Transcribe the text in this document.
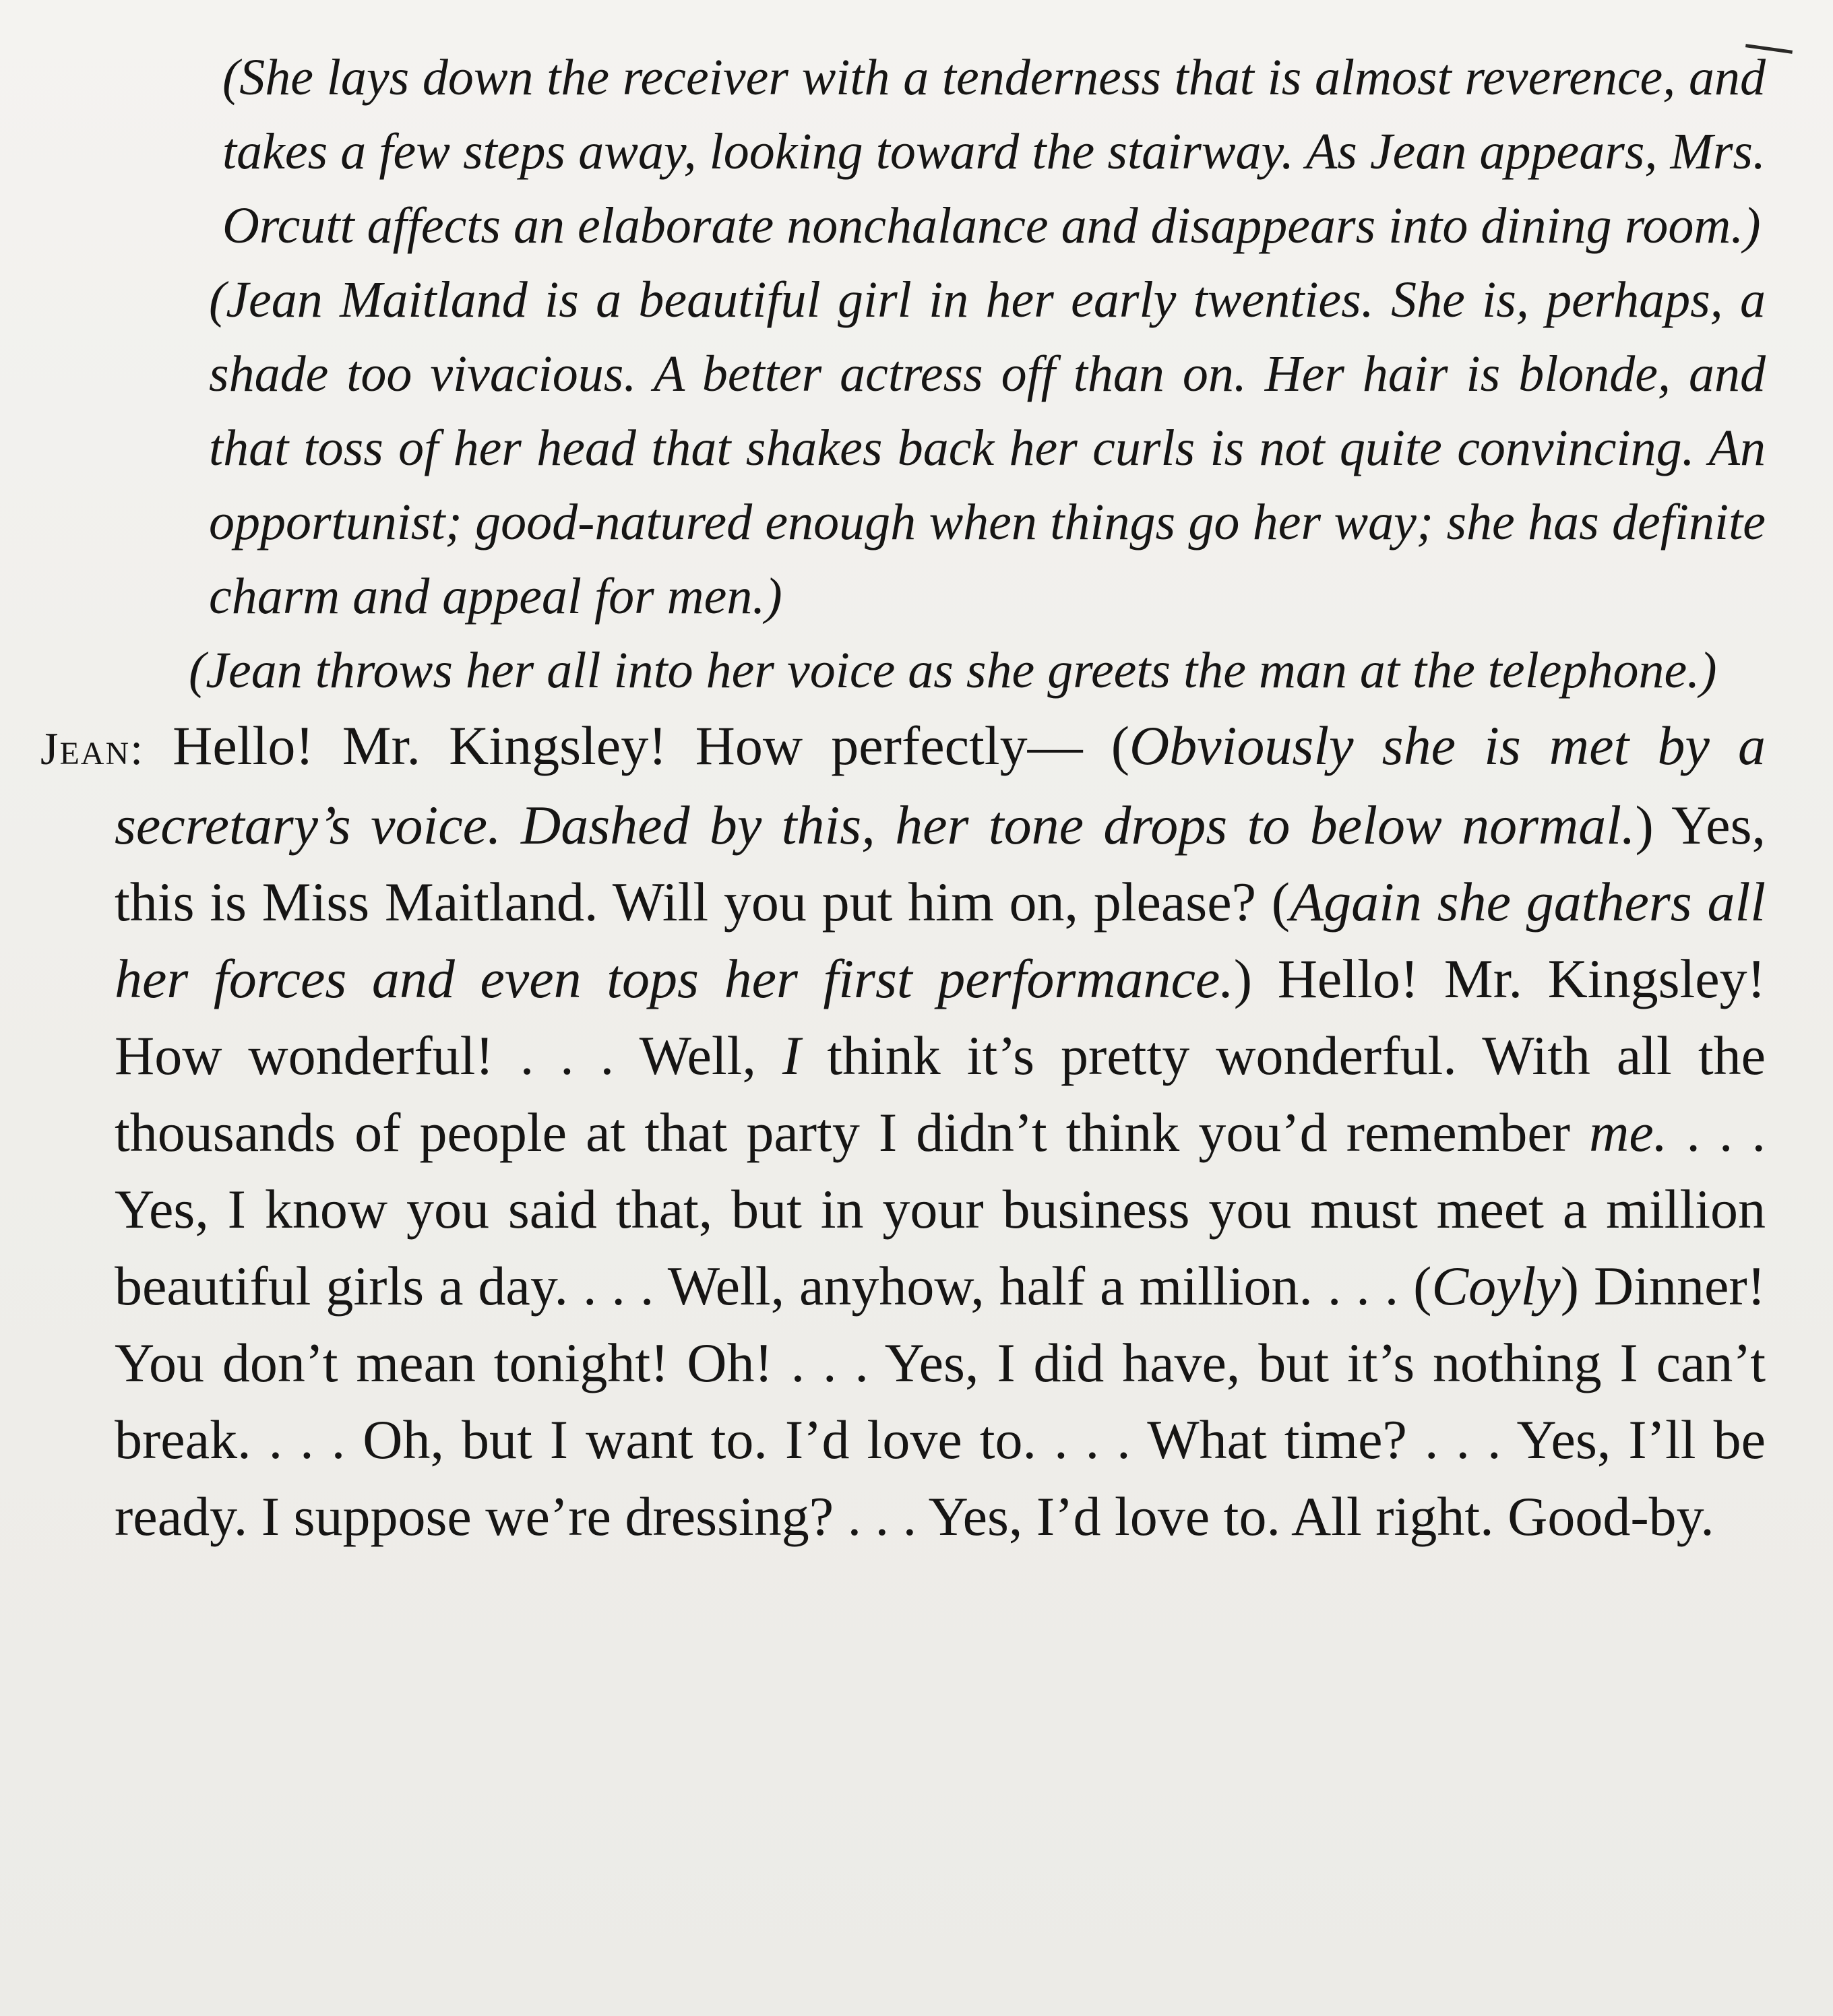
(She lays down the receiver with a tenderness that is almost reverence, and takes a few steps away, looking toward the stairway. As Jean appears, Mrs. Orcutt affects an elaborate nonchalance and disappears into dining room.)

(Jean Maitland is a beautiful girl in her early twenties. She is, perhaps, a shade too vivacious. A better actress off than on. Her hair is blonde, and that toss of her head that shakes back her curls is not quite convincing. An opportunist; good-natured enough when things go her way; she has definite charm and appeal for men.)

(Jean throws her all into her voice as she greets the man at the telephone.)

Jean: Hello! Mr. Kingsley! How perfectly— (Obviously she is met by a secretary’s voice. Dashed by this, her tone drops to below normal.) Yes, this is Miss Maitland. Will you put him on, please? (Again she gathers all her forces and even tops her first performance.) Hello! Mr. Kingsley! How wonderful! . . . Well, I think it’s pretty wonderful. With all the thousands of people at that party I didn’t think you’d remember me. . . . Yes, I know you said that, but in your business you must meet a million beautiful girls a day. . . . Well, anyhow, half a million. . . . (Coyly) Dinner! You don’t mean tonight! Oh! . . . Yes, I did have, but it’s nothing I can’t break. . . . Oh, but I want to. I’d love to. . . . What time? . . . Yes, I’ll be ready. I suppose we’re dressing? . . . Yes, I’d love to. All right. Good-by.
